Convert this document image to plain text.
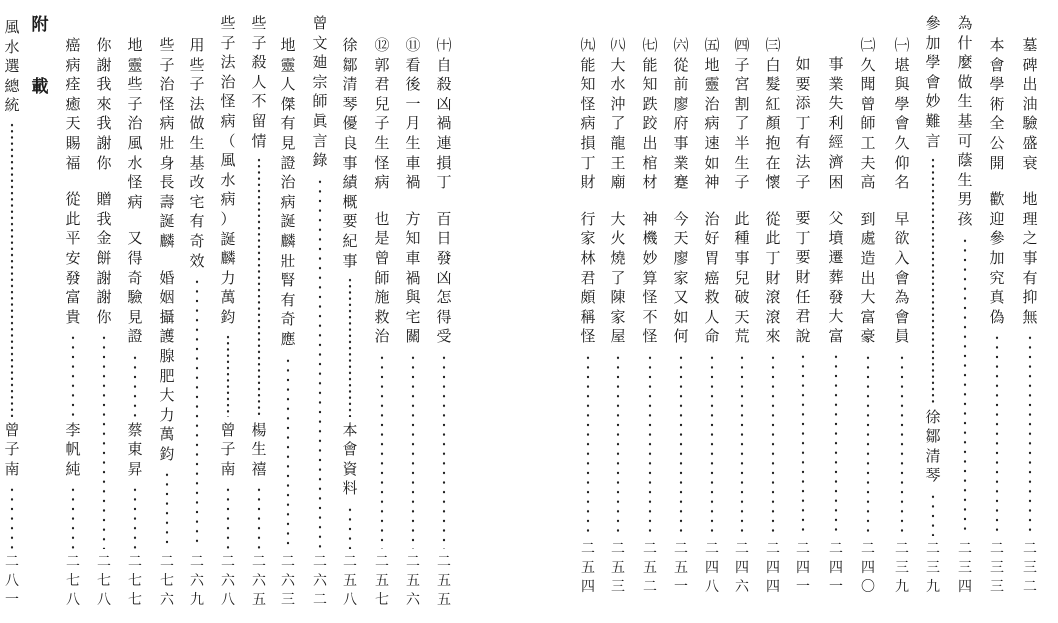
墓
碑
出
油
驗
盛
衰
地
理
之
事
有
抑
無
二
三
二
本
會
學
術
全
公
開
歡
迎
參
加
究
真
偽
二
三
三
為
什
麼
做
生
基
可
蔭
生
男
孩
二
三
四
參
加
學
會
妙
難
言
徐
鄒
清
琴
二
三
九
㈠
堪
與
學
會
久
仰
名
早
欲
入
會
為
會
員
二
三
九
㈡
久
聞
曾
師
工
夫
高
到
處
造
出
大
富
豪
二
四
〇
事
業
失
利
經
濟
困
父
墳
遷
葬
發
大
富
二
四
一
如
要
添
丁
有
法
子
要
丁
要
財
任
君
說
二
四
一
㈢
白
髮
紅
顏
抱
在
懷
從
此
丁
財
滾
滾
來
二
四
四
㈣
子
宮
割
了
半
生
子
此
種
事
兒
破
天
荒
二
四
六
㈤
地
靈
治
病
速
如
神
治
好
胃
癌
救
人
命
二
四
八
㈥
從
前
廖
府
事
業
蹇
今
天
廖
家
又
如
何
二
五
一
㈦
能
知
跌
跤
出
棺
材
神
機
妙
算
怪
不
怪
二
五
二
㈧
大
水
沖
了
龍
王
廟
大
火
燒
了
陳
家
屋
二
五
三
㈨
能
知
怪
病
損
丁
財
行
家
林
君
頗
稱
怪
二
五
四
㈩
自
殺
凶
禍
連
損
丁
百
日
發
凶
怎
得
受
二
五
五
⑪
看
後
一
月
生
車
禍
方
知
車
禍
與
宅
關
二
五
六
⑫
郭
君
兒
子
生
怪
病
也
是
曾
師
施
救
治
二
五
七
徐
鄒
清
琴
優
良
事
績
概
要
紀
事
本
會
資
料
二
五
八
曾
文
廸
宗
師
眞
言
錄
二
六
二
地
靈
人
傑
有
見
證
治
病
誕
麟
壯
腎
有
奇
應
二
六
三
些
子
殺
人
不
留
情
楊
生
禧
二
六
五
些
子
法
治
怪
病
（
風
水
病
）
誕
麟
力
萬
鈞
曾
子
南
二
六
八
用
些
子
法
做
生
基
改
宅
有
奇
效
二
六
九
些
子
治
怪
病
壯
身
長
壽
誕
麟
婚
姻
攝
護
腺
肥
大
力
萬
鈞
二
七
六
地
靈
些
子
治
風
水
怪
病
又
得
奇
驗
見
證
蔡
東
昇
二
七
七
你
謝
我
來
我
謝
你
贈
我
金
餅
謝
謝
你
二
七
八
癌
病
痊
癒
天
賜
福
從
此
平
安
發
富
貴
李
帆
純
二
七
八
風
水
選
總
統
曾
子
南
二
八
一
附
載
